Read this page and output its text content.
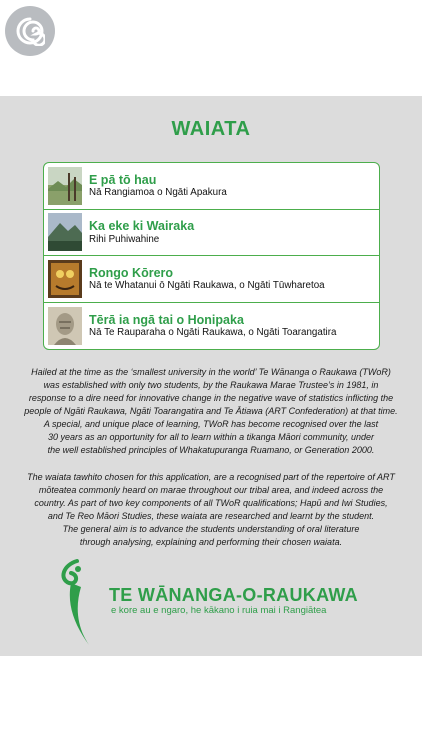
WAIATA
E pā tō hau
Nā Rangiamoa o Ngāti Apakura
Ka eke ki Wairaka
Rihi Puhiwahine
Rongo Kōrero
Nā te Whatanui ō Ngāti Raukawa, o Ngāti Tūwharetoa
Tērā ia ngā tai o Honipaka
Nā Te Rauparaha o Ngāti Raukawa, o Ngāti Toarangatira
Hailed at the time as the ‘smallest university in the world’ Te Wānanga o Raukawa (TWoR)
was established with only two students, by the Raukawa Marae Trustee’s in 1981, in
response to a dire need for innovative change in the negative wave of statistics inflicting the
people of Ngāti Raukawa, Ngāti Toarangatira and Te Ātiawa (ART Confederation) at that time.
A special, and unique place of learning, TWoR has become recognised over the last
30 years as an opportunity for all to learn within a tikanga Māori community, under
the well established principles of Whakatupuranga Ruamano, or Generation 2000.
The waiata tawhito chosen for this application, are a recognised part of the repertoire of ART
mōteatea commonly heard on marae throughout our tribal area, and indeed across the
country. As part of two key components of all TWoR qualifications; Hapū and Iwi Studies,
and Te Reo Māori Studies, these waiata are researched and learnt by the student.
The general aim is to advance the students understanding of oral literature
through analysing, explaining and performing their chosen waiata.
TE WĀNANGA-O-RAUKAWA
e kore au e ngaro, he kākano i ruia mai i Rangiātea
